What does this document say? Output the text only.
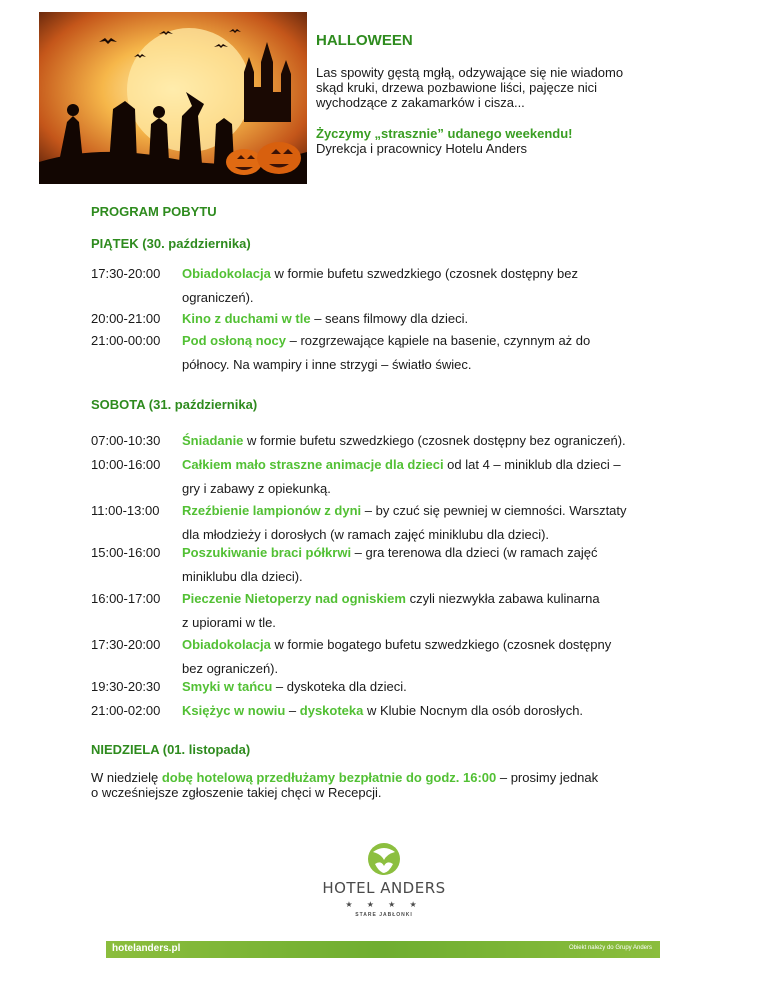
HALLOWEEN

Las spowity gęstą mgłą, odzywające się nie wiadomo
skąd kruki, drzewa pozbawione liści, pajęcze nici
wychodzące z zakamarków i cisza...

Życzymy „strasznie” udanego weekendu!

Dyrekcja i pracownicy Hotelu Anders

PROGRAM POBYTU
PIĄTEK (30. października)
17:30-20:00	Obiadokolacja w formie bufetu szwedzkiego (czosnek dostępny bez
ograniczeń).
20:00-21:00	Kino z duchami w tle – seans filmowy dla dzieci.
21:00-00:00	Pod osłoną nocy – rozgrzewające kąpiele na basenie, czynnym aż do
północy. Na wampiry i inne strzygi – światło świec.
SOBOTA (31. października)
07:00-10:30	Śniadanie w formie bufetu szwedzkiego (czosnek dostępny bez ograniczeń).
10:00-16:00	Całkiem mało straszne animacje dla dzieci od lat 4 – miniklub dla dzieci –
gry i zabawy z opiekunką.
11:00-13:00	Rzeźbienie lampionów z dyni – by czuć się pewniej w ciemności. Warsztaty
dla młodzieży i dorosłych (w ramach zajęć miniklubu dla dzieci).
15:00-16:00	Poszukiwanie braci półkrwi – gra terenowa dla dzieci (w ramach zajęć
miniklubu dla dzieci).
16:00-17:00	Pieczenie Nietoperzy nad ogniskiem czyli niezwykła zabawa kulinarna
z upiorami w tle.
17:30-20:00	Obiadokolacja w formie bogatego bufetu szwedzkiego (czosnek dostępny
bez ograniczeń).
19:30-20:30	Smyki w tańcu – dyskoteka dla dzieci.
21:00-02:00	Księżyc w nowiu – dyskoteka w Klubie Nocnym dla osób dorosłych.
NIEDZIELA (01. listopada)
W niedzielę dobę hotelową przedłużamy bezpłatnie do godz. 16:00 – prosimy jednak
o wcześniejsze zgłoszenie takiej chęci w Recepcji.
HOTEL ANDERS
★ ★ ★ ★
STARE JABŁONKI
hotelanders.pl	Obiekt należy do Grupy Anders
